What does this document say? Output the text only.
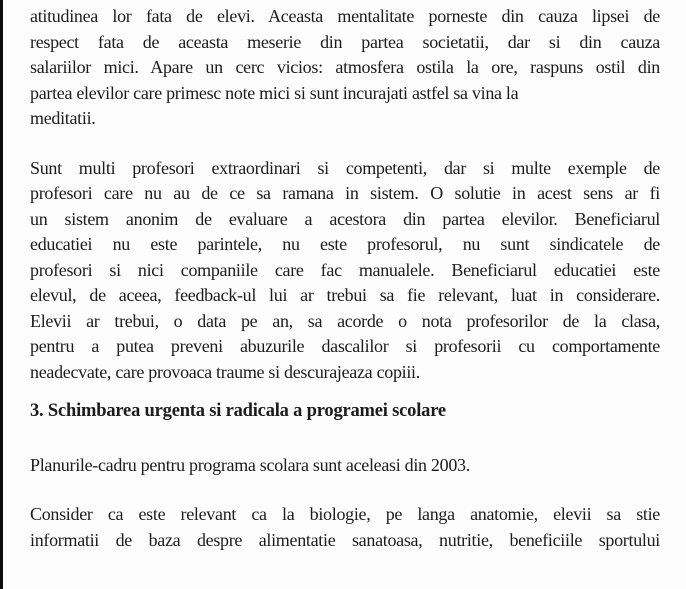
atitudinea lor fata de elevi. Aceasta mentalitate porneste din cauza lipsei de
respect fata de aceasta meserie din partea societatii, dar si din cauza
salariilor mici. Apare un cerc vicios: atmosfera ostila la ore, raspuns ostil din
partea elevilor care primesc note mici si sunt incurajati astfel sa vina la
meditatii.
Sunt multi profesori extraordinari si competenti, dar si multe exemple de
profesori care nu au de ce sa ramana in sistem. O solutie in acest sens ar fi
un sistem anonim de evaluare a acestora din partea elevilor. Beneficiarul
educatiei nu este parintele, nu este profesorul, nu sunt sindicatele de
profesori si nici companiile care fac manualele. Beneficiarul educatiei este
elevul, de aceea, feedback-ul lui ar trebui sa fie relevant, luat in considerare.
Elevii ar trebui, o data pe an, sa acorde o nota profesorilor de la clasa,
pentru a putea preveni abuzurile dascalilor si profesorii cu comportamente
neadecvate, care provoaca traume si descurajeaza copiii.
3. Schimbarea urgenta si radicala a programei scolare
Planurile-cadru pentru programa scolara sunt aceleasi din 2003.
Consider ca este relevant ca la biologie, pe langa anatomie, elevii sa stie
informatii de baza despre alimentatie sanatoasa, nutritie, beneficiile sportului
